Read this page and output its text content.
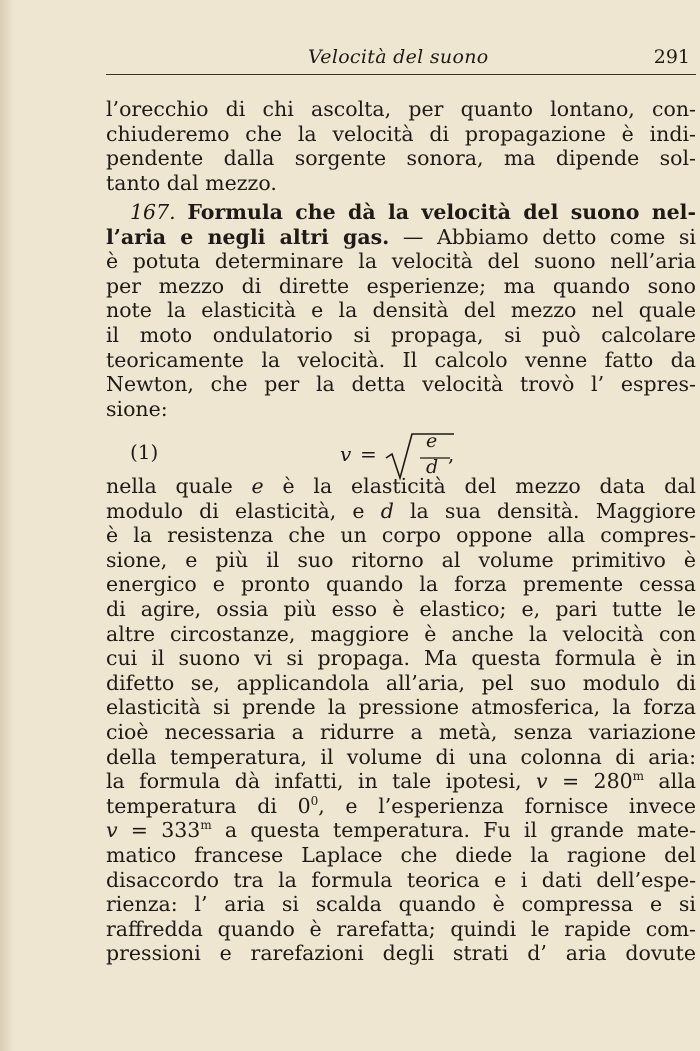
Velocità del suono	291
l’orecchio di chi ascolta, per quanto lontano, con-
chiuderemo che la velocità di propagazione è indi-
pendente dalla sorgente sonora, ma dipende sol-
tanto dal mezzo.
167. Formula che dà la velocità del suono nel-
l’aria e negli altri gas. — Abbiamo detto come si
è potuta determinare la velocità del suono nell’aria
per mezzo di dirette esperienze; ma quando sono
note la elasticità e la densità del mezzo nel quale
il moto ondulatorio si propaga, si può calcolare
teoricamente la velocità. Il calcolo venne fatto da
Newton, che per la detta velocità trovò l’ espres-
sione:
(1)	v =
e
d
,
nella quale e è la elasticità del mezzo data dal
modulo di elasticità, e d la sua densità. Maggiore
è la resistenza che un corpo oppone alla compres-
sione, e più il suo ritorno al volume primitivo è
energico e pronto quando la forza premente cessa
di agire, ossia più esso è elastico; e, pari tutte le
altre circostanze, maggiore è anche la velocità con
cui il suono vi si propaga. Ma questa formula è in
difetto se, applicandola all’aria, pel suo modulo di
elasticità si prende la pressione atmosferica, la forza
cioè necessaria a ridurre a metà, senza variazione
della temperatura, il volume di una colonna di aria:
la formula dà infatti, in tale ipotesi, $v = 280^m$ alla
temperatura di $0^0$, e l’esperienza fornisce invece
$v = 333^m$ a questa temperatura. Fu il grande mate-
matico francese Laplace che diede la ragione del
disaccordo tra la formula teorica e i dati dell’espe-
rienza: l’ aria si scalda quando è compressa e si
raffredda quando è rarefatta; quindi le rapide com-
pressioni e rarefazioni degli strati d’ aria dovute
